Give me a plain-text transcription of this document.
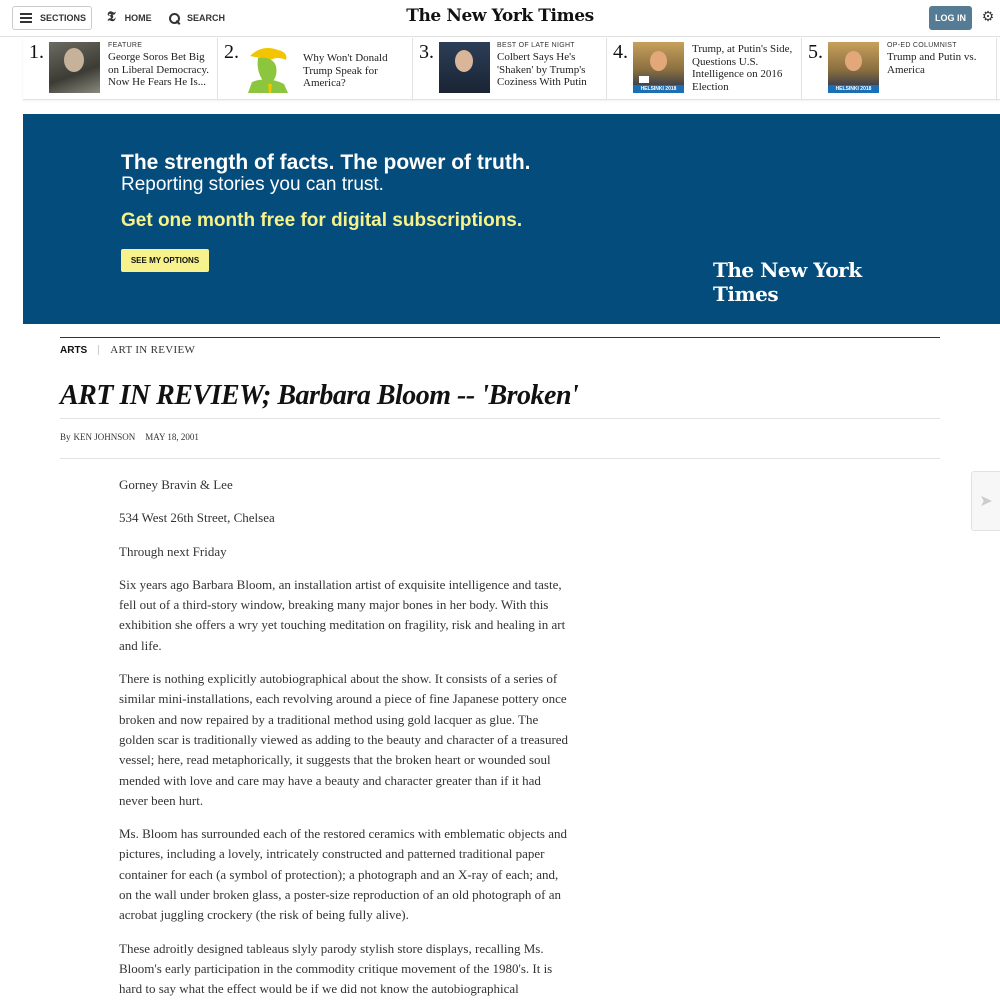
SECTIONS 𝕿 HOME	SEARCH	The New York Times	LOG IN	⚙
1.	FEATURE
George Soros Bet Big on Liberal Democracy. Now He Fears He Is...
2.	Why Won't Donald Trump Speak for America?
3.	BEST OF LATE NIGHT
Colbert Says He's 'Shaken' by Trump's Coziness With Putin
4.
HELSINKI 2018
Trump, at Putin's Side, Questions U.S. Intelligence on 2016 Election
5.
HELSINKI 2018
OP-ED COLUMNIST
Trump and Putin vs. America
The strength of facts. The power of truth.
Reporting stories you can trust.
Get one month free for digital subscriptions.
SEE MY OPTIONS	The New York Times
ARTS ART IN REVIEW
ART IN REVIEW; Barbara Bloom -- 'Broken'
By KEN JOHNSON MAY 18, 2001

Gorney Bravin & Lee

534 West 26th Street, Chelsea

Through next Friday

Six years ago Barbara Bloom, an installation artist of exquisite intelligence and taste, fell out of a third-story window, breaking many major bones in her body. With this exhibition she offers a wry yet touching meditation on fragility, risk and healing in art and life.

There is nothing explicitly autobiographical about the show. It consists of a series of similar mini-installations, each revolving around a piece of fine Japanese pottery once broken and now repaired by a traditional method using gold lacquer as glue. The golden scar is traditionally viewed as adding to the beauty and character of a treasured vessel; here, read metaphorically, it suggests that the broken heart or wounded soul mended with love and care may have a beauty and character greater than if it had never been hurt.

Ms. Bloom has surrounded each of the restored ceramics with emblematic objects and pictures, including a lovely, intricately constructed and patterned traditional paper container for each (a symbol of protection); a photograph and an X-ray of each; and, on the wall under broken glass, a poster-size reproduction of an old photograph of an acrobat juggling crockery (the risk of being fully alive).

These adroitly designed tableaus slyly parody stylish store displays, recalling Ms. Bloom's early participation in the commodity critique movement of the 1980's. It is hard to say what the effect would be if we did not know the autobiographical

➤
